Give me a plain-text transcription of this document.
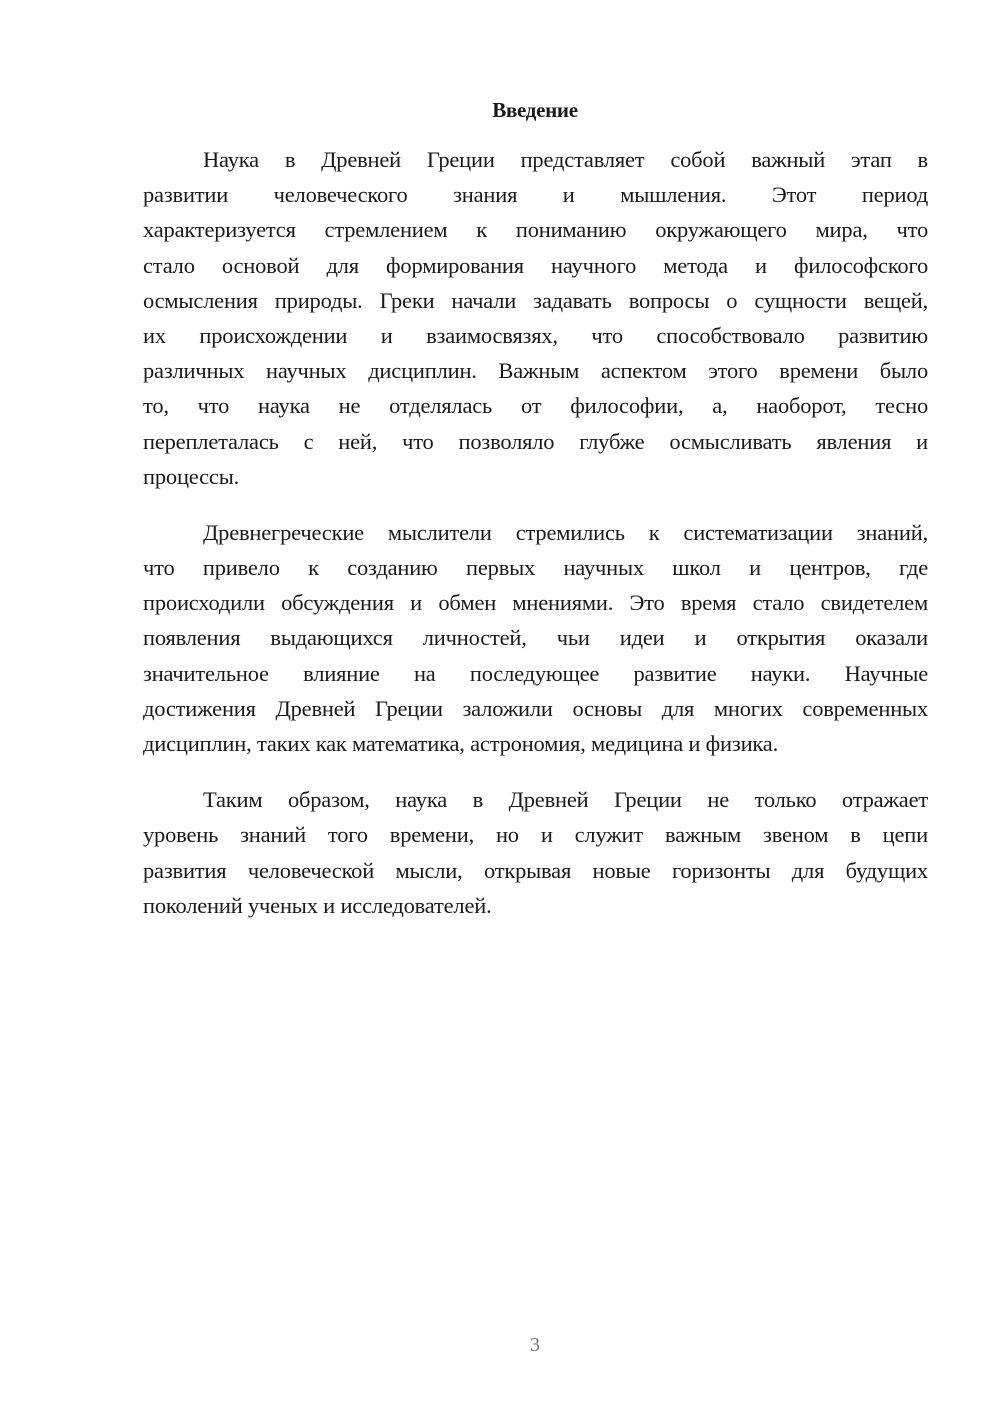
Введение
Наука в Древней Греции представляет собой важный этап в
развитии человеческого знания и мышления. Этот период
характеризуется стремлением к пониманию окружающего мира, что
стало основой для формирования научного метода и философского
осмысления природы. Греки начали задавать вопросы о сущности вещей,
их происхождении и взаимосвязях, что способствовало развитию
различных научных дисциплин. Важным аспектом этого времени было
то, что наука не отделялась от философии, а, наоборот, тесно
переплеталась с ней, что позволяло глубже осмысливать явления и
процессы.
Древнегреческие мыслители стремились к систематизации знаний,
что привело к созданию первых научных школ и центров, где
происходили обсуждения и обмен мнениями. Это время стало свидетелем
появления выдающихся личностей, чьи идеи и открытия оказали
значительное влияние на последующее развитие науки. Научные
достижения Древней Греции заложили основы для многих современных
дисциплин, таких как математика, астрономия, медицина и физика.
Таким образом, наука в Древней Греции не только отражает
уровень знаний того времени, но и служит важным звеном в цепи
развития человеческой мысли, открывая новые горизонты для будущих
поколений ученых и исследователей.
3
